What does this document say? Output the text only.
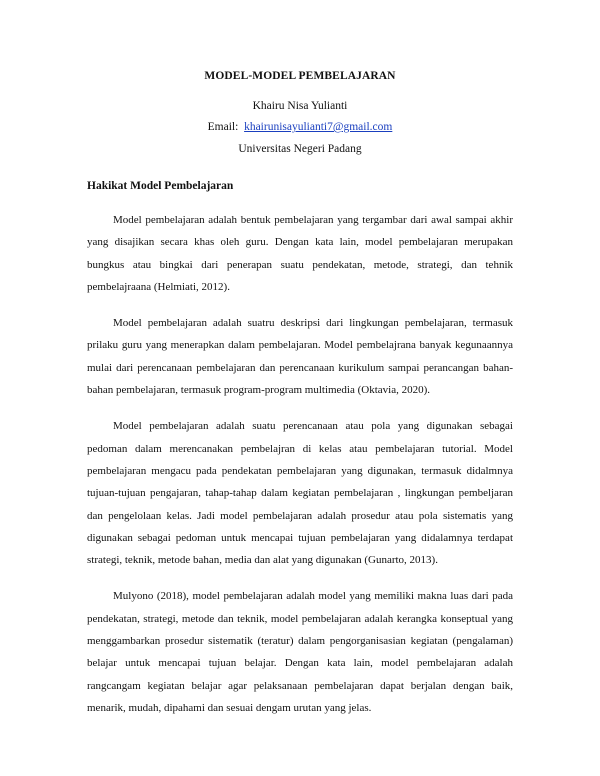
MODEL-MODEL PEMBELAJARAN

Khairu Nisa Yulianti

Email: khairunisayulianti7@gmail.com

Universitas Negeri Padang

Hakikat Model Pembelajaran

Model pembelajaran adalah bentuk pembelajaran yang tergambar dari awal sampai akhir yang disajikan secara khas oleh guru. Dengan kata lain, model pembelajaran merupakan bungkus atau bingkai dari penerapan suatu pendekatan, metode, strategi, dan tehnik pembelajraana (Helmiati, 2012).

Model pembelajaran adalah suatru deskripsi dari lingkungan pembelajaran, termasuk prilaku guru yang menerapkan dalam pembelajaran. Model pembelajrana banyak kegunaannya mulai dari perencanaan pembelajaran dan perencanaan kurikulum sampai perancangan bahan-bahan pembelajaran, termasuk program-program multimedia (Oktavia, 2020).

Model pembelajaran adalah suatu perencanaan atau pola yang digunakan sebagai pedoman dalam merencanakan pembelajran di kelas atau pembelajaran tutorial. Model pembelajaran mengacu pada pendekatan pembelajaran yang digunakan, termasuk didalmnya tujuan-tujuan pengajaran, tahap-tahap dalam kegiatan pembelajaran , lingkungan pembeljaran dan pengelolaan kelas. Jadi model pembelajaran adalah prosedur atau pola sistematis yang digunakan sebagai pedoman untuk mencapai tujuan pembelajaran yang didalamnya terdapat strategi, teknik, metode bahan, media dan alat yang digunakan (Gunarto, 2013).

Mulyono (2018), model pembelajaran adalah model yang memiliki makna luas dari pada pendekatan, strategi, metode dan teknik, model pembelajaran adalah kerangka konseptual yang menggambarkan prosedur sistematik (teratur) dalam pengorganisasian kegiatan (pengalaman) belajar untuk mencapai tujuan belajar. Dengan kata lain, model pembelajaran adalah rangcangam kegiatan belajar agar pelaksanaan pembelajaran dapat berjalan dengan baik, menarik, mudah, dipahami dan sesuai dengam urutan yang jelas.
